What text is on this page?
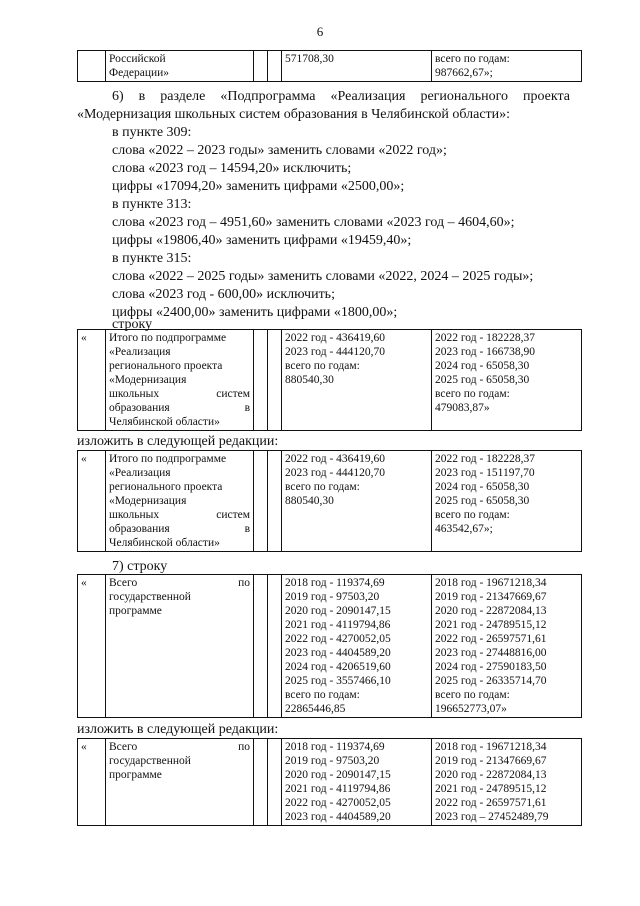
6

Российской
Федерации»
			571708,30	всего по годам:
987662,67»;
6) в разделе «Подпрограмма «Реализация регионального проекта
«Модернизация школьных систем образования в Челябинской области»:
в пункте 309:
слова «2022 – 2023 годы» заменить словами «2022 год»;
слова «2023 год – 14594,20» исключить;
цифры «17094,20» заменить цифрами «2500,00»;
в пункте 313:
слова «2023 год – 4951,60» заменить словами «2023 год – 4604,60»;
цифры «19806,40» заменить цифрами «19459,40»;
в пункте 315:
слова «2022 – 2025 годы» заменить словами «2022, 2024 – 2025 годы»;
слова «2023 год - 600,00» исключить;
цифры «2400,00» заменить цифрами «1800,00»;
строку
«	Итого по подпрограмме
«Реализация
регионального проекта
«Модернизация
школьных	систем
образования	в
Челябинской области»

2022 год - 436419,60
2023 год - 444120,70
всего по годам:
880540,30

2022 год - 182228,37
2023 год - 166738,90
2024 год - 65058,30
2025 год - 65058,30
всего по годам:
479083,87»
изложить в следующей редакции:
«	Итого по подпрограмме
«Реализация
регионального проекта
«Модернизация
школьных	систем
образования	в
Челябинской области»

2022 год - 436419,60
2023 год - 444120,70
всего по годам:
880540,30

2022 год - 182228,37
2023 год - 151197,70
2024 год - 65058,30
2025 год - 65058,30
всего по годам:
463542,67»;
7) строку
«	Всего	по
государственной
программе

2018 год - 119374,69
2019 год - 97503,20
2020 год - 2090147,15
2021 год - 4119794,86
2022 год - 4270052,05
2023 год - 4404589,20
2024 год - 4206519,60
2025 год - 3557466,10
всего по годам:
22865446,85

2018 год - 19671218,34
2019 год - 21347669,67
2020 год - 22872084,13
2021 год - 24789515,12
2022 год - 26597571,61
2023 год - 27448816,00
2024 год - 27590183,50
2025 год - 26335714,70
всего по годам:
196652773,07»
изложить в следующей редакции:
«	Всего	по
государственной
программе

2018 год - 119374,69
2019 год - 97503,20
2020 год - 2090147,15
2021 год - 4119794,86
2022 год - 4270052,05
2023 год - 4404589,20

2018 год - 19671218,34
2019 год - 21347669,67
2020 год - 22872084,13
2021 год - 24789515,12
2022 год - 26597571,61
2023 год – 27452489,79
